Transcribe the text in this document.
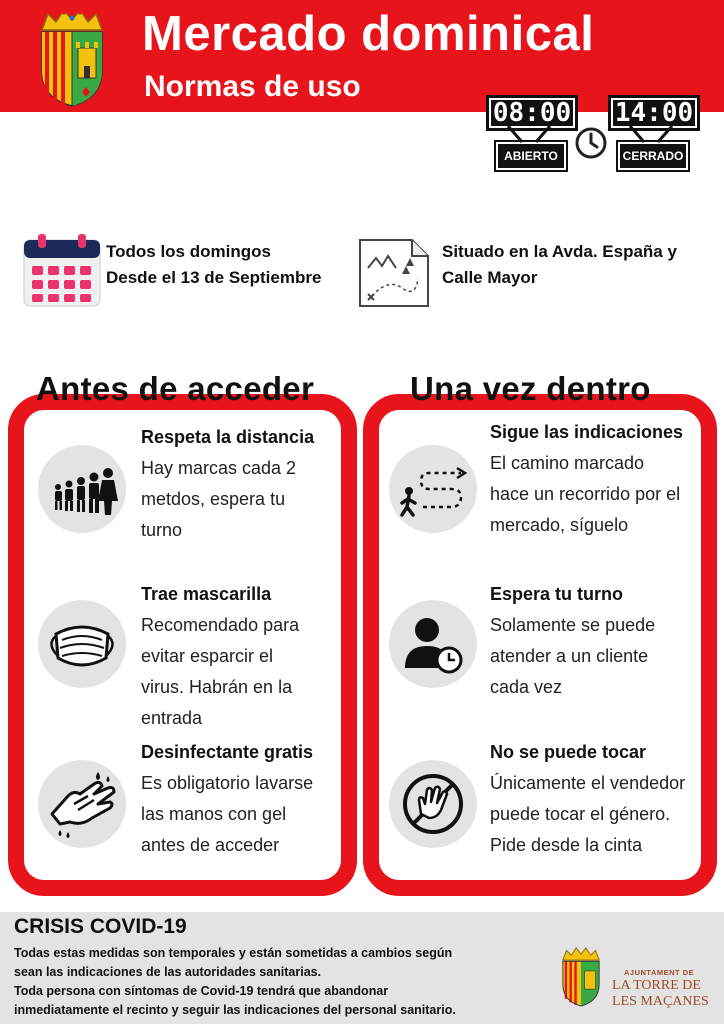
Mercado dominical
Normas de uso
08:00
ABIERTO
14:00
CERRADO
Todos los domingos
Desde el 13 de Septiembre
Situado en la Avda. España y
Calle Mayor
Antes de acceder
Respeta la distancia
Hay marcas cada 2
metdos, espera tu
turno
Trae mascarilla
Recomendado para
evitar esparcir el
virus. Habrán en la
entrada
Desinfectante gratis
Es obligatorio lavarse
las manos con gel
antes de acceder
Una vez dentro
Sigue las indicaciones
El camino marcado
hace un recorrido por el
mercado, síguelo
Espera tu turno
Solamente se puede
atender a un cliente
cada vez
No se puede tocar
Únicamente el vendedor
puede tocar el género.
Pide desde la cinta
CRISIS COVID-19
Todas estas medidas son temporales y están sometidas a cambios según
sean las indicaciones de las autoridades sanitarias.
Toda persona con síntomas de Covid-19 tendrá que abandonar
inmediatamente el recinto y seguir las indicaciones del personal sanitario.
AJUNTAMENT DE
LA TORRE DE
LES MAÇANES
